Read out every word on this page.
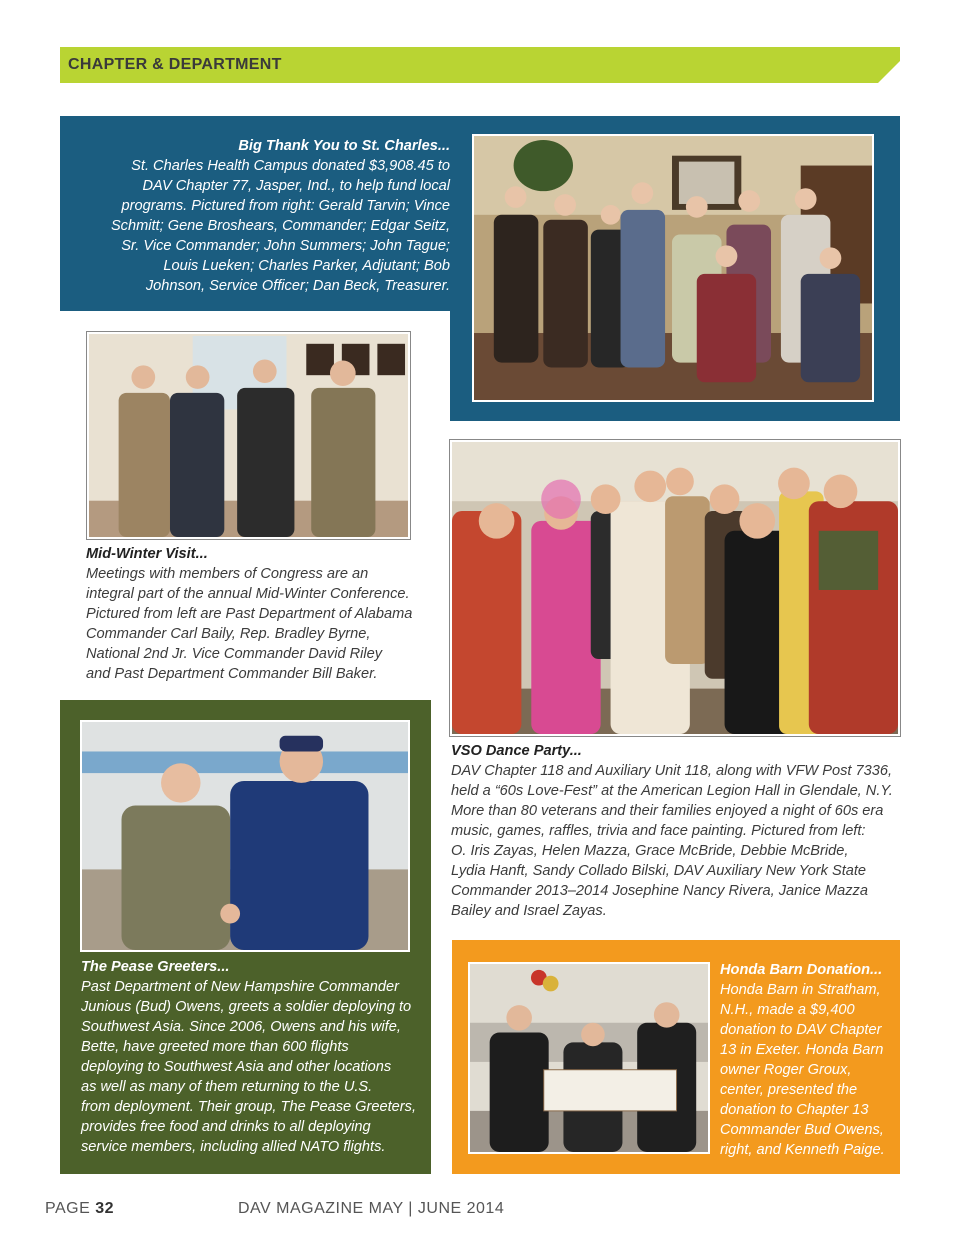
CHAPTER & DEPARTMENT
Big Thank You to St. Charles...
St. Charles Health Campus donated $3,908.45 to
DAV Chapter 77, Jasper, Ind., to help fund local
programs. Pictured from right: Gerald Tarvin; Vince
Schmitt; Gene Broshears, Commander; Edgar Seitz,
Sr. Vice Commander; John Summers; John Tague;
Louis Lueken; Charles Parker, Adjutant; Bob
Johnson, Service Officer; Dan Beck, Treasurer.
Mid-Winter Visit...
Meetings with members of Congress are an
integral part of the annual Mid-Winter Conference.
Pictured from left are Past Department of Alabama
Commander Carl Baily, Rep. Bradley Byrne,
National 2nd Jr. Vice Commander David Riley
and Past Department Commander Bill Baker.
VSO Dance Party...
DAV Chapter 118 and Auxiliary Unit 118, along with VFW Post 7336,
held a “60s Love-Fest” at the American Legion Hall in Glendale, N.Y.
More than 80 veterans and their families enjoyed a night of 60s era
music, games, raffles, trivia and face painting. Pictured from left:
O. Iris Zayas, Helen Mazza, Grace McBride, Debbie McBride,
Lydia Hanft, Sandy Collado Bilski, DAV Auxiliary New York State
Commander 2013–2014 Josephine Nancy Rivera, Janice Mazza
Bailey and Israel Zayas.
The Pease Greeters...
Past Department of New Hampshire Commander
Junious (Bud) Owens, greets a soldier deploying to
Southwest Asia. Since 2006, Owens and his wife,
Bette, have greeted more than 600 flights
deploying to Southwest Asia and other locations
as well as many of them returning to the U.S.
from deployment. Their group, The Pease Greeters,
provides free food and drinks to all deploying
service members, including allied NATO flights.
Honda Barn Donation...
Honda Barn in Stratham,
N.H., made a $9,400
donation to DAV Chapter
13 in Exeter. Honda Barn
owner Roger Groux,
center, presented the
donation to Chapter 13
Commander Bud Owens,
right, and Kenneth Paige.
PAGE 32	DAV MAGAZINE MAY | JUNE 2014
